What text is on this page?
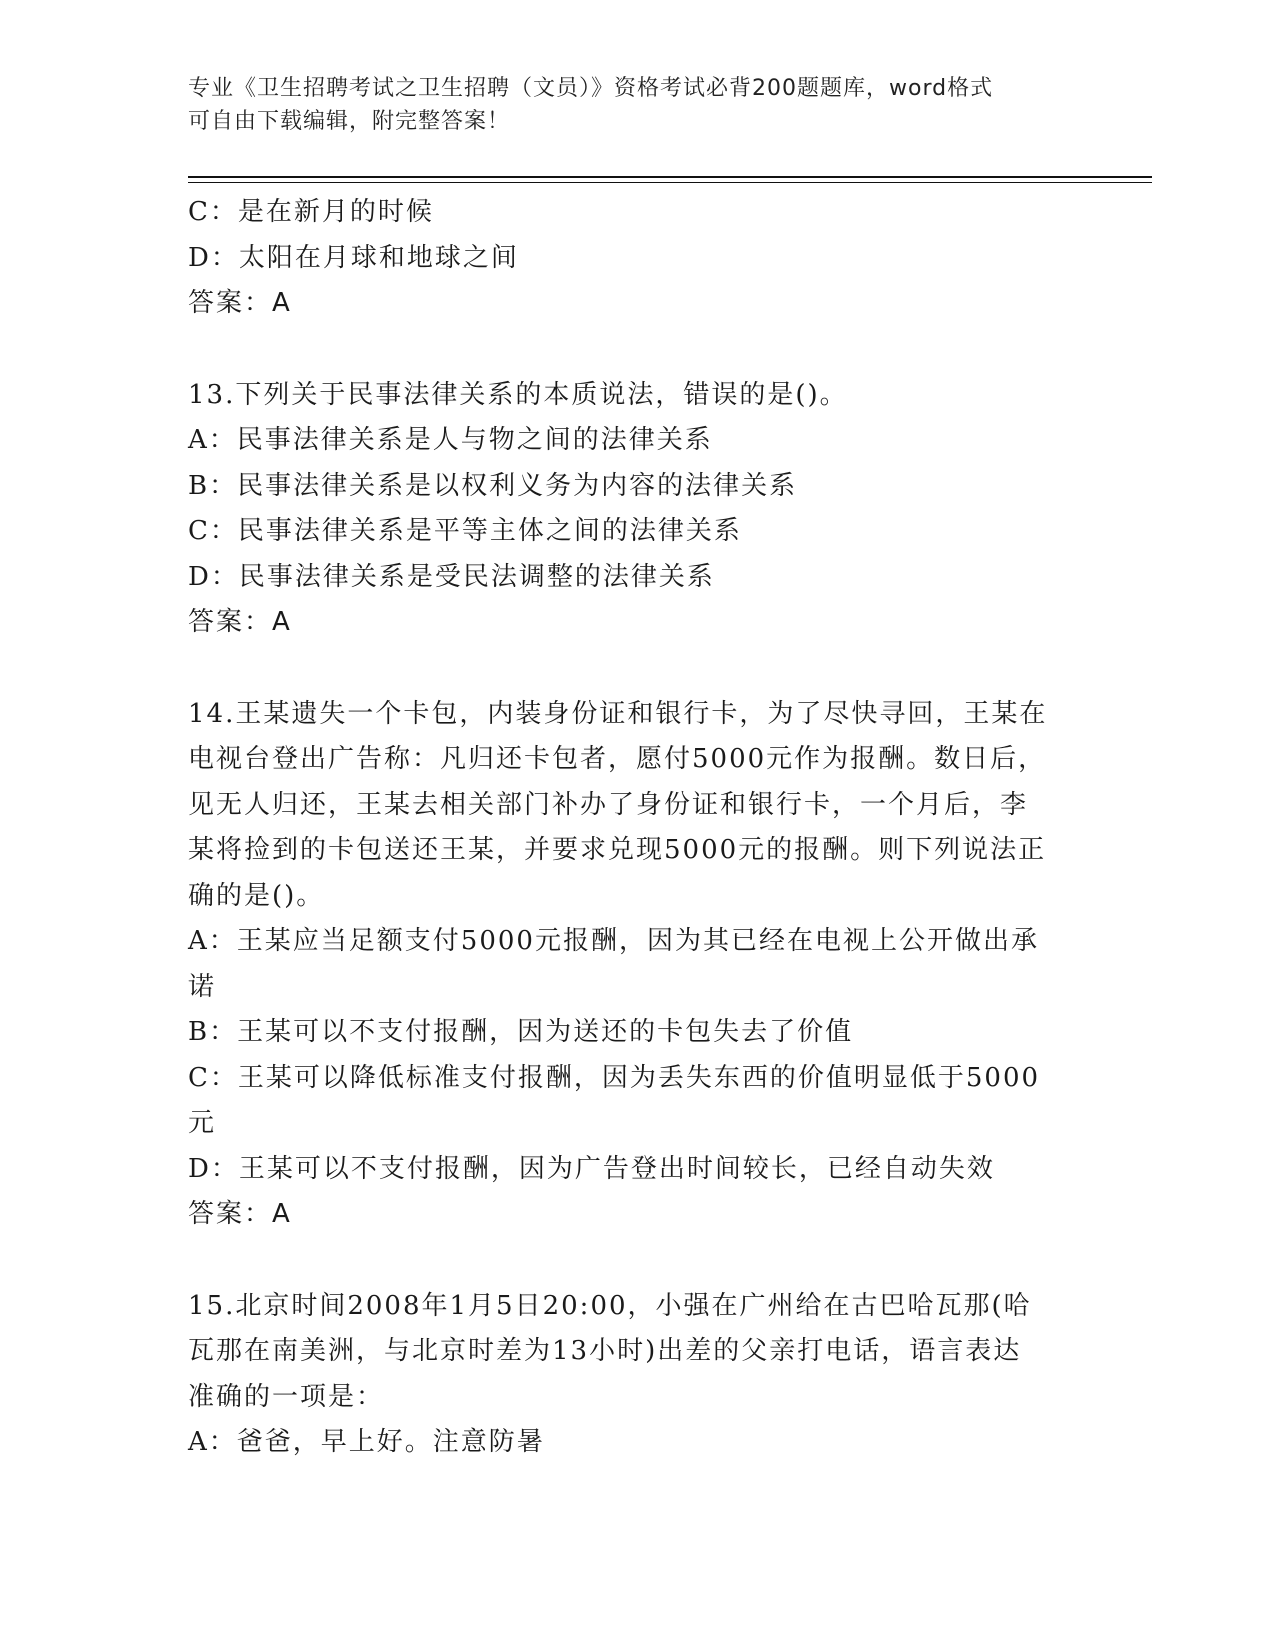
专业《卫生招聘考试之卫生招聘（文员）》资格考试必背200题题库，word格式
可自由下载编辑，附完整答案！
C：是在新月的时候
D：太阳在月球和地球之间
答案：A
13.下列关于民事法律关系的本质说法，错误的是()。
A：民事法律关系是人与物之间的法律关系
B：民事法律关系是以权利义务为内容的法律关系
C：民事法律关系是平等主体之间的法律关系
D：民事法律关系是受民法调整的法律关系
答案：A
14.王某遗失一个卡包，内装身份证和银行卡，为了尽快寻回，王某在
电视台登出广告称：凡归还卡包者，愿付5000元作为报酬。数日后，
见无人归还，王某去相关部门补办了身份证和银行卡，一个月后，李
某将捡到的卡包送还王某，并要求兑现5000元的报酬。则下列说法正
确的是()。
A：王某应当足额支付5000元报酬，因为其已经在电视上公开做出承
诺
B：王某可以不支付报酬，因为送还的卡包失去了价值
C：王某可以降低标准支付报酬，因为丢失东西的价值明显低于5000
元
D：王某可以不支付报酬，因为广告登出时间较长，已经自动失效
答案：A
15.北京时间2008年1月5日20:00，小强在广州给在古巴哈瓦那(哈
瓦那在南美洲，与北京时差为13小时)出差的父亲打电话，语言表达
准确的一项是：
A：爸爸，早上好。注意防暑
